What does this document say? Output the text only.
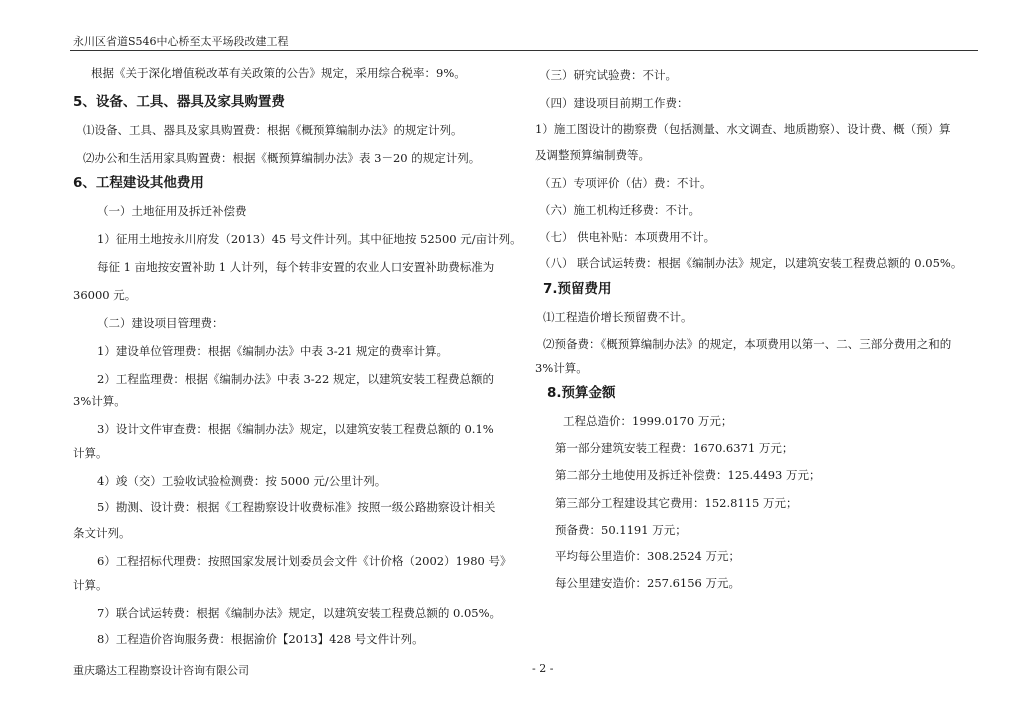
永川区省道S546中心桥至太平场段改建工程
根据《关于深化增值税改革有关政策的公告》规定，采用综合税率：9%。
5、设备、工具、器具及家具购置费
⑴设备、工具、器具及家具购置费：根据《概预算编制办法》的规定计列。
⑵办公和生活用家具购置费：根据《概预算编制办法》表 3－20 的规定计列。
6、工程建设其他费用
（一）土地征用及拆迁补偿费
1）征用土地按永川府发（2013）45 号文件计列。其中征地按 52500 元/亩计列。
每征 1 亩地按安置补助 1 人计列，每个转非安置的农业人口安置补助费标准为
36000 元。
（二）建设项目管理费：
1）建设单位管理费：根据《编制办法》中表 3-21 规定的费率计算。
2）工程监理费：根据《编制办法》中表 3-22 规定，以建筑安装工程费总额的
3%计算。
3）设计文件审查费：根据《编制办法》规定，以建筑安装工程费总额的 0.1%
计算。
4）竣（交）工验收试验检测费：按 5000 元/公里计列。
5）勘测、设计费：根据《工程勘察设计收费标准》按照一级公路勘察设计相关
条文计列。
6）工程招标代理费：按照国家发展计划委员会文件《计价格（2002）1980 号》
计算。
7）联合试运转费：根据《编制办法》规定，以建筑安装工程费总额的 0.05%。
8）工程造价咨询服务费：根据渝价【2013】428 号文件计列。
（三）研究试验费：不计。
（四）建设项目前期工作费：
1）施工图设计的勘察费（包括测量、水文调查、地质勘察）、设计费、概（预）算
及调整预算编制费等。
（五）专项评价（估）费：不计。
（六）施工机构迁移费：不计。
（七） 供电补贴：本项费用不计。
（八） 联合试运转费：根据《编制办法》规定，以建筑安装工程费总额的 0.05%。
7.预留费用
⑴工程造价增长预留费不计。
⑵预备费：《概预算编制办法》的规定，本项费用以第一、二、三部分费用之和的
3%计算。
8.预算金额
工程总造价：1999.0170 万元；
第一部分建筑安装工程费：1670.6371 万元；
第二部分土地使用及拆迁补偿费：125.4493 万元；
第三部分工程建设其它费用：152.8115 万元；
预备费：50.1191 万元；
平均每公里造价：308.2524 万元；
每公里建安造价：257.6156 万元。
重庆璐达工程勘察设计咨询有限公司	- 2 -
